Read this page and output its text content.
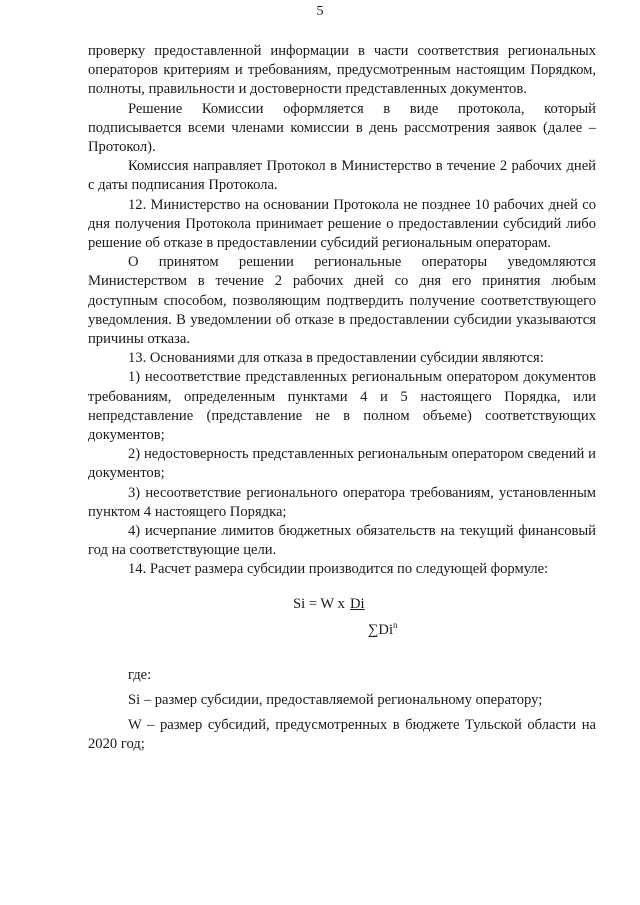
5

проверку предоставленной информации в части соответствия региональных операторов критериям и требованиям, предусмотренным настоящим Порядком, полноты, правильности и достоверности представленных документов.

Решение Комиссии оформляется в виде протокола, который подписывается всеми членами комиссии в день рассмотрения заявок (далее – Протокол).

Комиссия направляет Протокол в Министерство в течение 2 рабочих дней с даты подписания Протокола.

12. Министерство на основании Протокола не позднее 10 рабочих дней со дня получения Протокола принимает решение о предоставлении субсидий либо решение об отказе в предоставлении субсидий региональным операторам.

О принятом решении региональные операторы уведомляются Министерством в течение 2 рабочих дней со дня его принятия любым доступным способом, позволяющим подтвердить получение соответствующего уведомления. В уведомлении об отказе в предоставлении субсидии указываются причины отказа.

13. Основаниями для отказа в предоставлении субсидии являются:

1) несоответствие представленных региональным оператором документов требованиям, определенным пунктами 4 и 5 настоящего Порядка, или непредставление (представление не в полном объеме) соответствующих документов;

2) недостоверность представленных региональным оператором сведений и документов;

3) несоответствие регионального оператора требованиям, установленным пунктом 4 настоящего Порядка;

4) исчерпание лимитов бюджетных обязательств на текущий финансовый год на соответствующие цели.

14. Расчет размера субсидии производится по следующей формуле:

Si = W x Di
∑Di$^n$

где:

Si – размер субсидии, предоставляемой региональному оператору;

W – размер субсидий, предусмотренных в бюджете Тульской области на 2020 год;
